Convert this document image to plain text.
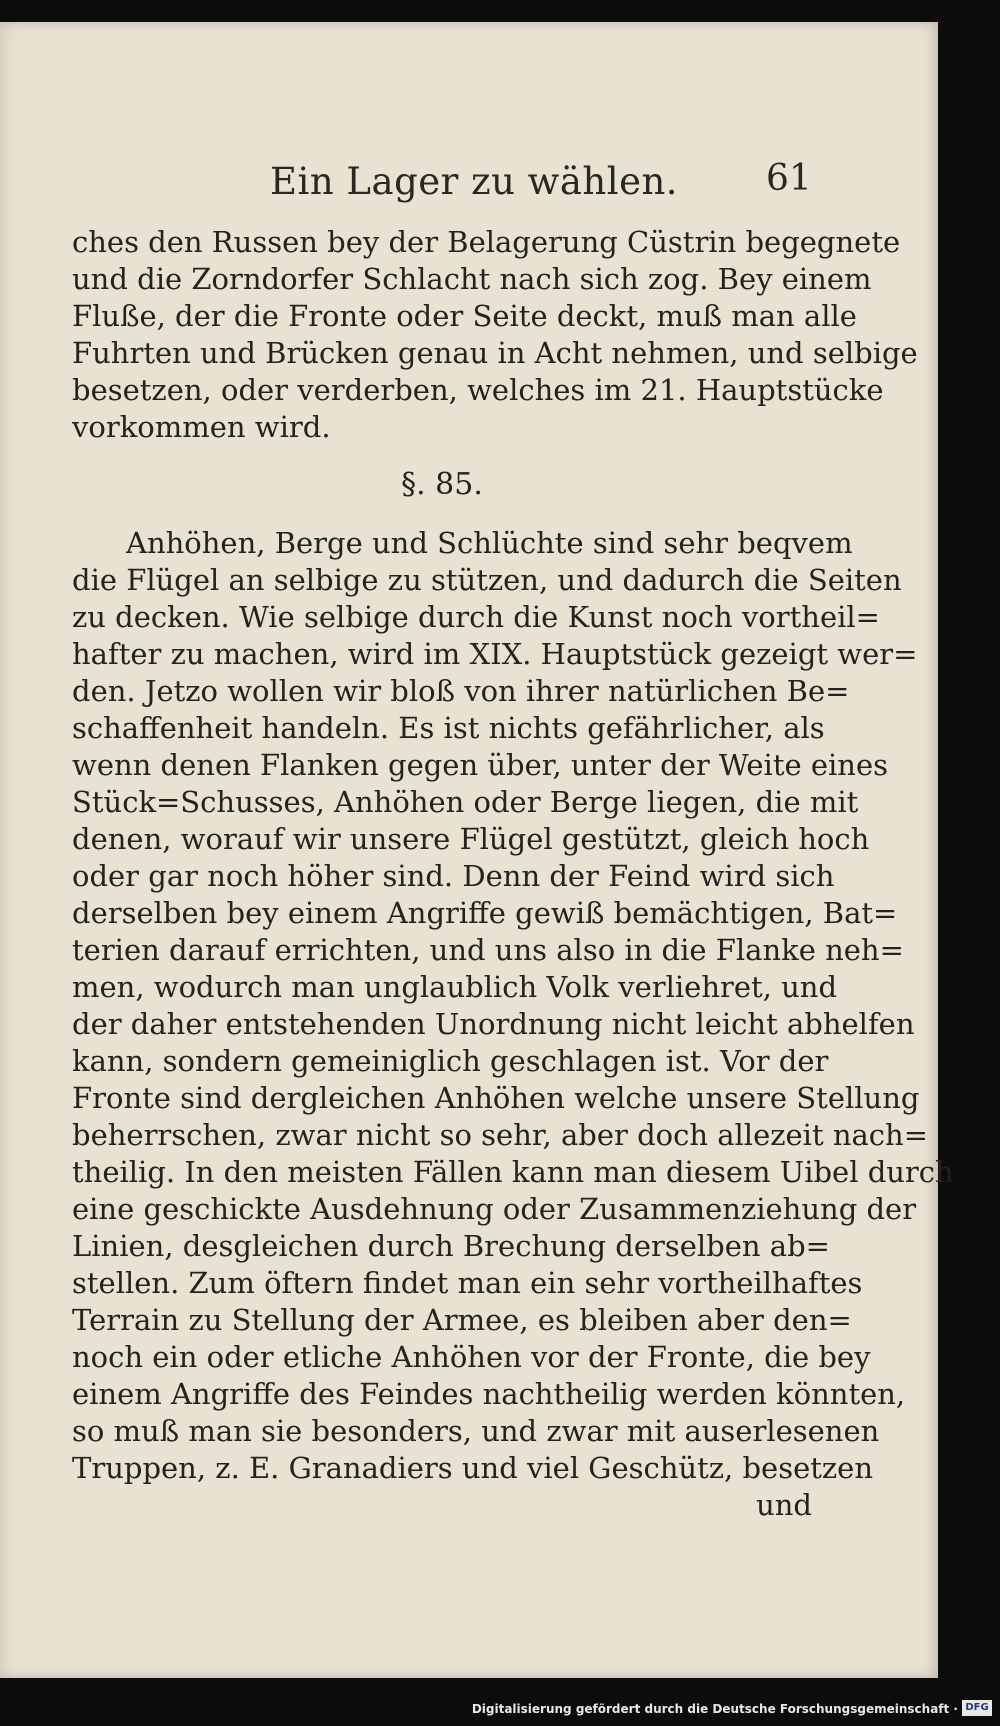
Ein Lager zu wählen. 61
ches den Russen bey der Belagerung Cüstrin begegnete
und die Zorndorfer Schlacht nach sich zog. Bey einem
Fluße, der die Fronte oder Seite deckt, muß man alle
Fuhrten und Brücken genau in Acht nehmen, und selbige
besetzen, oder verderben, welches im 21. Hauptstücke
vorkommen wird.
§. 85.
Anhöhen, Berge und Schlüchte sind sehr beqvem
die Flügel an selbige zu stützen, und dadurch die Seiten
zu decken. Wie selbige durch die Kunst noch vortheil=
hafter zu machen, wird im XIX. Hauptstück gezeigt wer=
den. Jetzo wollen wir bloß von ihrer natürlichen Be=
schaffenheit handeln. Es ist nichts gefährlicher, als
wenn denen Flanken gegen über, unter der Weite eines
Stück=Schusses, Anhöhen oder Berge liegen, die mit
denen, worauf wir unsere Flügel gestützt, gleich hoch
oder gar noch höher sind. Denn der Feind wird sich
derselben bey einem Angriffe gewiß bemächtigen, Bat=
terien darauf errichten, und uns also in die Flanke neh=
men, wodurch man unglaublich Volk verliehret, und
der daher entstehenden Unordnung nicht leicht abhelfen
kann, sondern gemeiniglich geschlagen ist. Vor der
Fronte sind dergleichen Anhöhen welche unsere Stellung
beherrschen, zwar nicht so sehr, aber doch allezeit nach=
theilig. In den meisten Fällen kann man diesem Uibel durch
eine geschickte Ausdehnung oder Zusammenziehung der
Linien, desgleichen durch Brechung derselben ab=
stellen. Zum öftern findet man ein sehr vortheilhaftes
Terrain zu Stellung der Armee, es bleiben aber den=
noch ein oder etliche Anhöhen vor der Fronte, die bey
einem Angriffe des Feindes nachtheilig werden könnten,
so muß man sie besonders, und zwar mit auserlesenen
Truppen, z. E. Granadiers und viel Geschütz, besetzen
und
Digitalisierung gefördert durch die Deutsche Forschungsgemeinschaft · DFG
